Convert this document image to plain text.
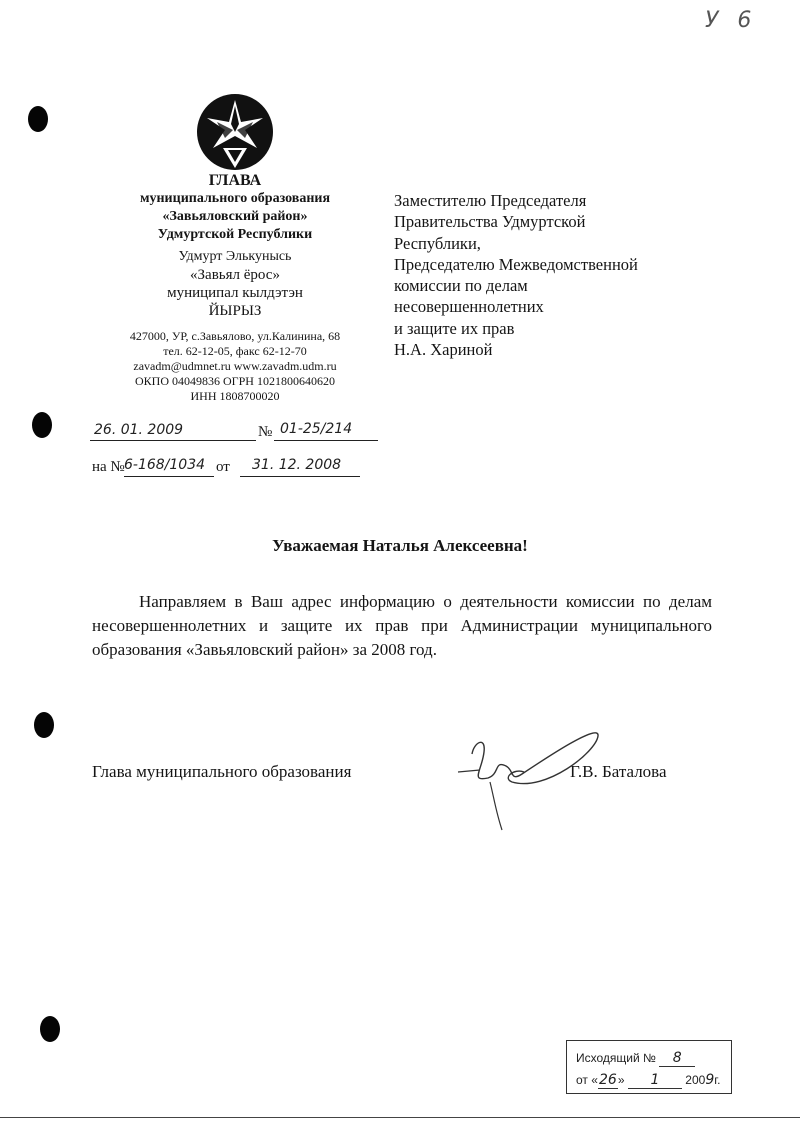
У 6
ГЛАВА
муниципального образования
«Завьяловский район»
Удмуртской Республики
Удмурт Элькунысь
«Завьял ёрос»
муниципал кылдэтэн
ЙЫРЫЗ
427000, УР, с.Завьялово, ул.Калинина, 68
тел. 62-12-05, факс 62-12-70
zavadm@udmnet.ru www.zavadm.udm.ru
ОКПО 04049836 ОГРН 1021800640620
ИНН 1808700020
26. 01. 2009	№ 01-25/214
на № 6-168/1034 от 31. 12. 2008
Заместителю Председателя
Правительства Удмуртской
Республики,
Председателю Межведомственной
комиссии по делам
несовершеннолетних
и защите их прав
Н.А. Хариной
Уважаемая Наталья Алексеевна!
Направляем в Ваш адрес информацию о деятельности комиссии по делам несовершеннолетних и защите их прав при Администрации муниципального образования «Завьяловский район» за 2008 год.
Глава муниципального образования	Г.В. Баталова
Исходящий № 8
от «26» 1 2009г.
